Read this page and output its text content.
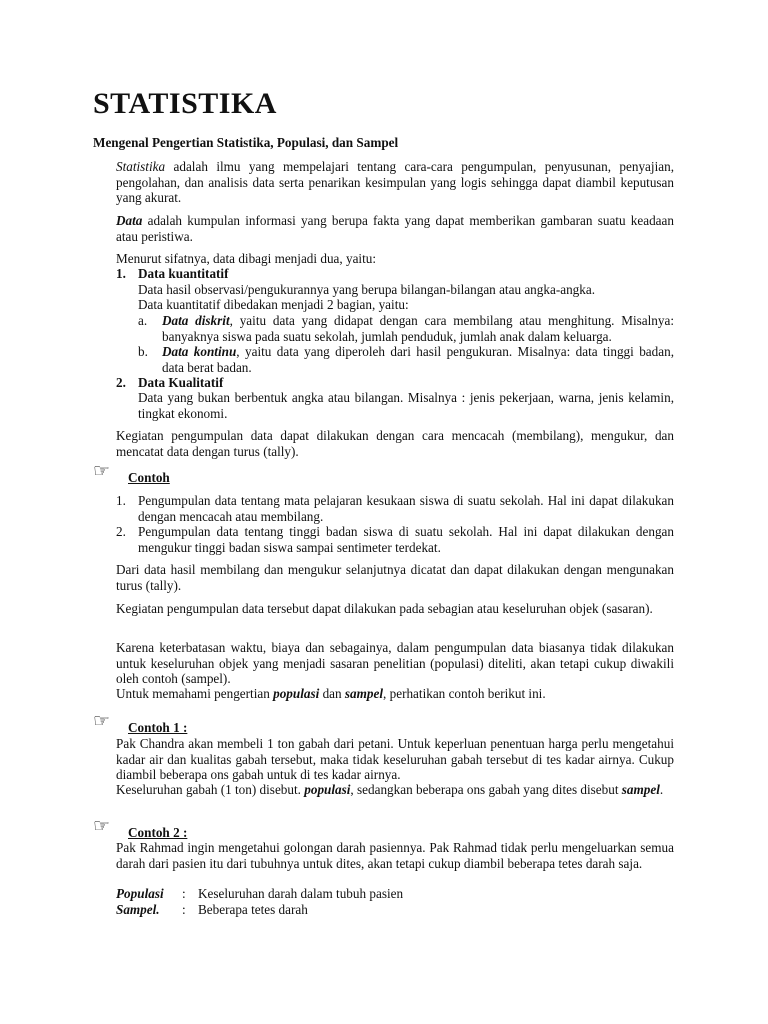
STATISTIKA
Mengenal Pengertian Statistika, Populasi, dan Sampel
Statistika adalah ilmu yang mempelajari tentang cara-cara pengumpulan, penyusunan, penyajian, pengolahan, dan analisis data serta penarikan kesimpulan yang logis sehingga dapat diambil keputusan yang akurat.
Data adalah kumpulan informasi yang berupa fakta yang dapat memberikan gambaran suatu keadaan atau peristiwa.
Menurut sifatnya, data dibagi menjadi dua, yaitu:
1. Data kuantitatif
Data hasil observasi/pengukurannya yang berupa bilangan-bilangan atau angka-angka.
Data kuantitatif dibedakan menjadi 2 bagian, yaitu:
a. Data diskrit, yaitu data yang didapat dengan cara membilang atau menghitung. Misalnya: banyaknya siswa pada suatu sekolah, jumlah penduduk, jumlah anak dalam keluarga.
b. Data kontinu, yaitu data yang diperoleh dari hasil pengukuran. Misalnya: data tinggi badan, data berat badan.
2. Data Kualitatif
Data yang bukan berbentuk angka atau bilangan. Misalnya : jenis pekerjaan, warna, jenis kelamin, tingkat ekonomi.
Kegiatan pengumpulan data dapat dilakukan dengan cara mencacah (membilang), mengukur, dan mencatat data dengan turus (tally).
☞ Contoh
1. Pengumpulan data tentang mata pelajaran kesukaan siswa di suatu sekolah. Hal ini dapat dilakukan dengan mencacah atau membilang.
2. Pengumpulan data tentang tinggi badan siswa di suatu sekolah. Hal ini dapat dilakukan dengan mengukur tinggi badan siswa sampai sentimeter terdekat.
Dari data hasil membilang dan mengukur selanjutnya dicatat dan dapat dilakukan dengan mengunakan turus (tally).
Kegiatan pengumpulan data tersebut dapat dilakukan pada sebagian atau keseluruhan objek (sasaran).
Karena keterbatasan waktu, biaya dan sebagainya, dalam pengumpulan data biasanya tidak dilakukan untuk keseluruhan objek yang menjadi sasaran penelitian (populasi) diteliti, akan tetapi cukup diwakili oleh contoh (sampel).
Untuk memahami pengertian populasi dan sampel, perhatikan contoh berikut ini.
☞ Contoh 1 :
Pak Chandra akan membeli 1 ton gabah dari petani. Untuk keperluan penentuan harga perlu mengetahui kadar air dan kualitas gabah tersebut, maka tidak keseluruhan gabah tersebut di tes kadar airnya. Cukup diambil beberapa ons gabah untuk di tes kadar airnya.
Keseluruhan gabah (1 ton) disebut. populasi, sedangkan beberapa ons gabah yang dites disebut sampel.
☞ Contoh 2 :
Pak Rahmad ingin mengetahui golongan darah pasiennya. Pak Rahmad tidak perlu mengeluarkan semua darah dari pasien itu dari tubuhnya untuk dites, akan tetapi cukup diambil beberapa tetes darah saja.
Populasi	: Keseluruhan darah dalam tubuh pasien
Sampel.	: Beberapa tetes darah
